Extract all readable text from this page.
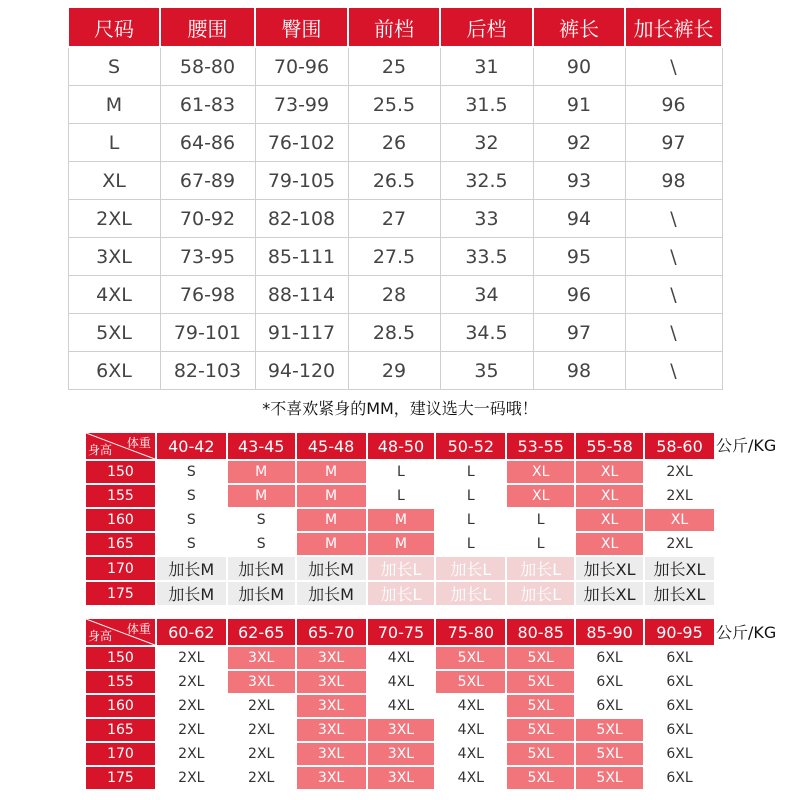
尺码	腰围	臀围	前档	后档	裤长	加长裤长
S	58-80	70-96	25	31	90	\
M	61-83	73-99	25.5	31.5	91	96
L	64-86	76-102	26	32	92	97
XL	67-89	79-105	26.5	32.5	93	98
2XL	70-92	82-108	27	33	94	\
3XL	73-95	85-111	27.5	33.5	95	\
4XL	76-98	88-114	28	34	96	\
5XL	79-101	91-117	28.5	34.5	97	\
6XL	82-103	94-120	29	35	98	\
*不喜欢紧身的MM，建议选大一码哦！
体重
身高	40-42	43-45	45-48	48-50	50-52	53-55	55-58	58-60
150	S	M	M	L	L	XL	XL	2XL
155	S	M	M	L	L	XL	XL	2XL
160	S	S	M	M	L	L	XL	XL
165	S	S	M	M	L	L	XL	2XL
170	加长M	加长M	加长M	加长L	加长L	加长L	加长XL	加长XL
175	加长M	加长M	加长M	加长L	加长L	加长L	加长XL	加长XL
公斤/KG
体重
身高	60-62	62-65	65-70	70-75	75-80	80-85	85-90	90-95
150	2XL	3XL	3XL	4XL	5XL	5XL	6XL	6XL
155	2XL	3XL	3XL	4XL	5XL	5XL	6XL	6XL
160	2XL	2XL	3XL	4XL	4XL	5XL	6XL	6XL
165	2XL	2XL	3XL	3XL	4XL	5XL	5XL	6XL
170	2XL	2XL	3XL	3XL	4XL	5XL	5XL	6XL
175	2XL	2XL	3XL	3XL	4XL	5XL	5XL	6XL
公斤/KG
